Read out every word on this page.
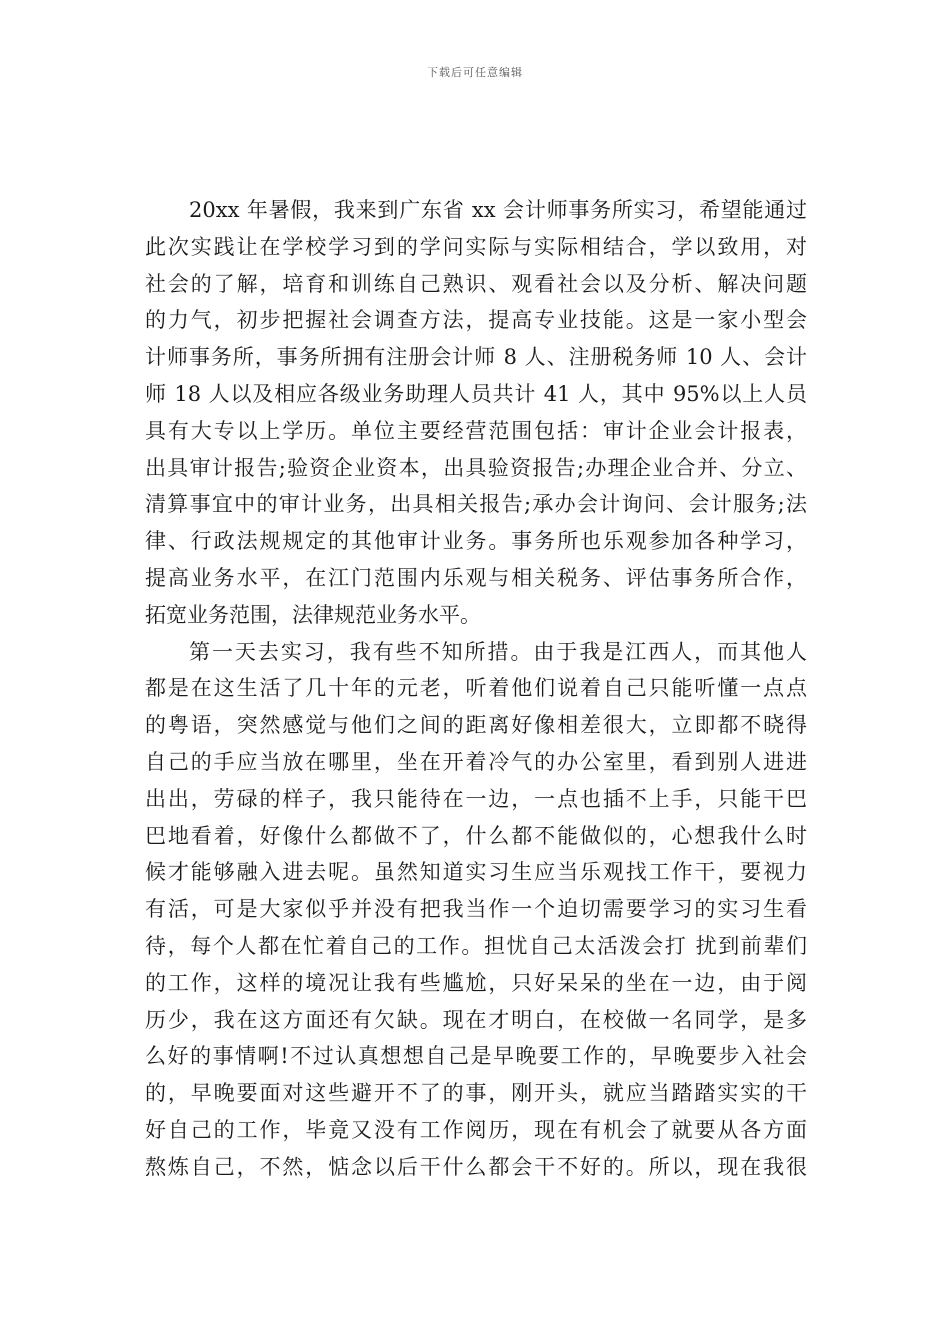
下载后可任意编辑
20xx 年暑假，我来到广东省 xx 会计师事务所实习，希望能通过
此次实践让在学校学习到的学问实际与实际相结合，学以致用，对
社会的了解，培育和训练自己熟识、观看社会以及分析、解决问题
的力气，初步把握社会调查方法，提高专业技能。这是一家小型会
计师事务所，事务所拥有注册会计师 8 人、注册税务师 10 人、会计
师 18 人以及相应各级业务助理人员共计 41 人，其中 95%以上人员
具有大专以上学历。单位主要经营范围包括：审计企业会计报表，
出具审计报告;验资企业资本，出具验资报告;办理企业合并、分立、
清算事宜中的审计业务，出具相关报告;承办会计询问、会计服务;法
律、行政法规规定的其他审计业务。事务所也乐观参加各种学习，
提高业务水平，在江门范围内乐观与相关税务、评估事务所合作，
拓宽业务范围，法律规范业务水平。
第一天去实习，我有些不知所措。由于我是江西人，而其他人
都是在这生活了几十年的元老，听着他们说着自己只能听懂一点点
的粤语，突然感觉与他们之间的距离好像相差很大，立即都不晓得
自己的手应当放在哪里，坐在开着冷气的办公室里，看到别人进进
出出，劳碌的样子，我只能待在一边，一点也插不上手，只能干巴
巴地看着，好像什么都做不了，什么都不能做似的，心想我什么时
候才能够融入进去呢。虽然知道实习生应当乐观找工作干，要视力
有活，可是大家似乎并没有把我当作一个迫切需要学习的实习生看
待，每个人都在忙着自己的工作。担忧自己太活泼会打 扰到前辈们
的工作，这样的境况让我有些尴尬，只好呆呆的坐在一边，由于阅
历少，我在这方面还有欠缺。现在才明白，在校做一名同学，是多
么好的事情啊!不过认真想想自己是早晚要工作的，早晚要步入社会
的，早晚要面对这些避开不了的事，刚开头，就应当踏踏实实的干
好自己的工作，毕竟又没有工作阅历，现在有机会了就要从各方面
熬炼自己，不然，惦念以后干什么都会干不好的。所以，现在我很
